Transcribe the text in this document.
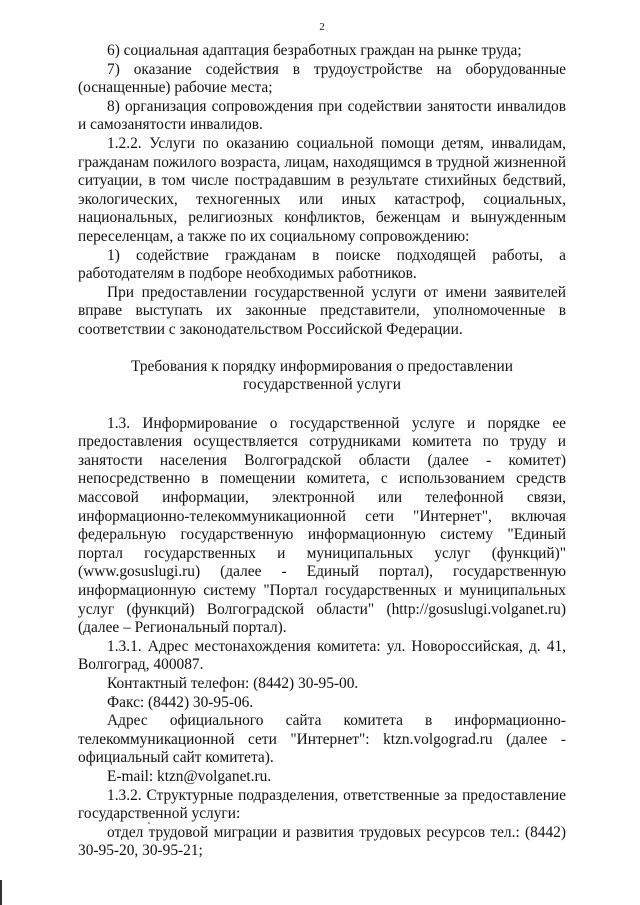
2

6) социальная адаптация безработных граждан на рынке труда;

7) оказание содействия в трудоустройстве на оборудованные (оснащенные) рабочие места;

8) организация сопровождения при содействии занятости инвалидов и самозанятости инвалидов.

1.2.2. Услуги по оказанию социальной помощи детям, инвалидам, гражданам пожилого возраста, лицам, находящимся в трудной жизненной ситуации, в том числе пострадавшим в результате стихийных бедствий, экологических, техногенных или иных катастроф, социальных, национальных, религиозных конфликтов, беженцам и вынужденным переселенцам, а также по их социальному сопровождению:

1) содействие гражданам в поиске подходящей работы, а работодателям в подборе необходимых работников.

При предоставлении государственной услуги от имени заявителей вправе выступать их законные представители, уполномоченные в соответствии с законодательством Российской Федерации.

Требования к порядку информирования о предоставлении государственной услуги

1.3. Информирование о государственной услуге и порядке ее предоставления осуществляется сотрудниками комитета по труду и занятости населения Волгоградской области (далее - комитет) непосредственно в помещении комитета, с использованием средств массовой информации, электронной или телефонной связи, информационно-телекоммуникационной сети "Интернет", включая федеральную государственную информационную систему "Единый портал государственных и муниципальных услуг (функций)" (www.gosuslugi.ru) (далее - Единый портал), государственную информационную систему "Портал государственных и муниципальных услуг (функций) Волгоградской области" (http://gosuslugi.volganet.ru) (далее – Региональный портал).

1.3.1. Адрес местонахождения комитета: ул. Новороссийская, д. 41, Волгоград, 400087.

Контактный телефон: (8442) 30-95-00.

Факс: (8442) 30-95-06.

Адрес официального сайта комитета в информационно-телекоммуникационной сети "Интернет": ktzn.volgograd.ru (далее - официальный сайт комитета).

E-mail: ktzn@volganet.ru.

1.3.2. Структурные подразделения, ответственные за предоставление государственной услуги:

отдел трудовой миграции и развития трудовых ресурсов тел.: (8442) 30-95-20, 30-95-21;
